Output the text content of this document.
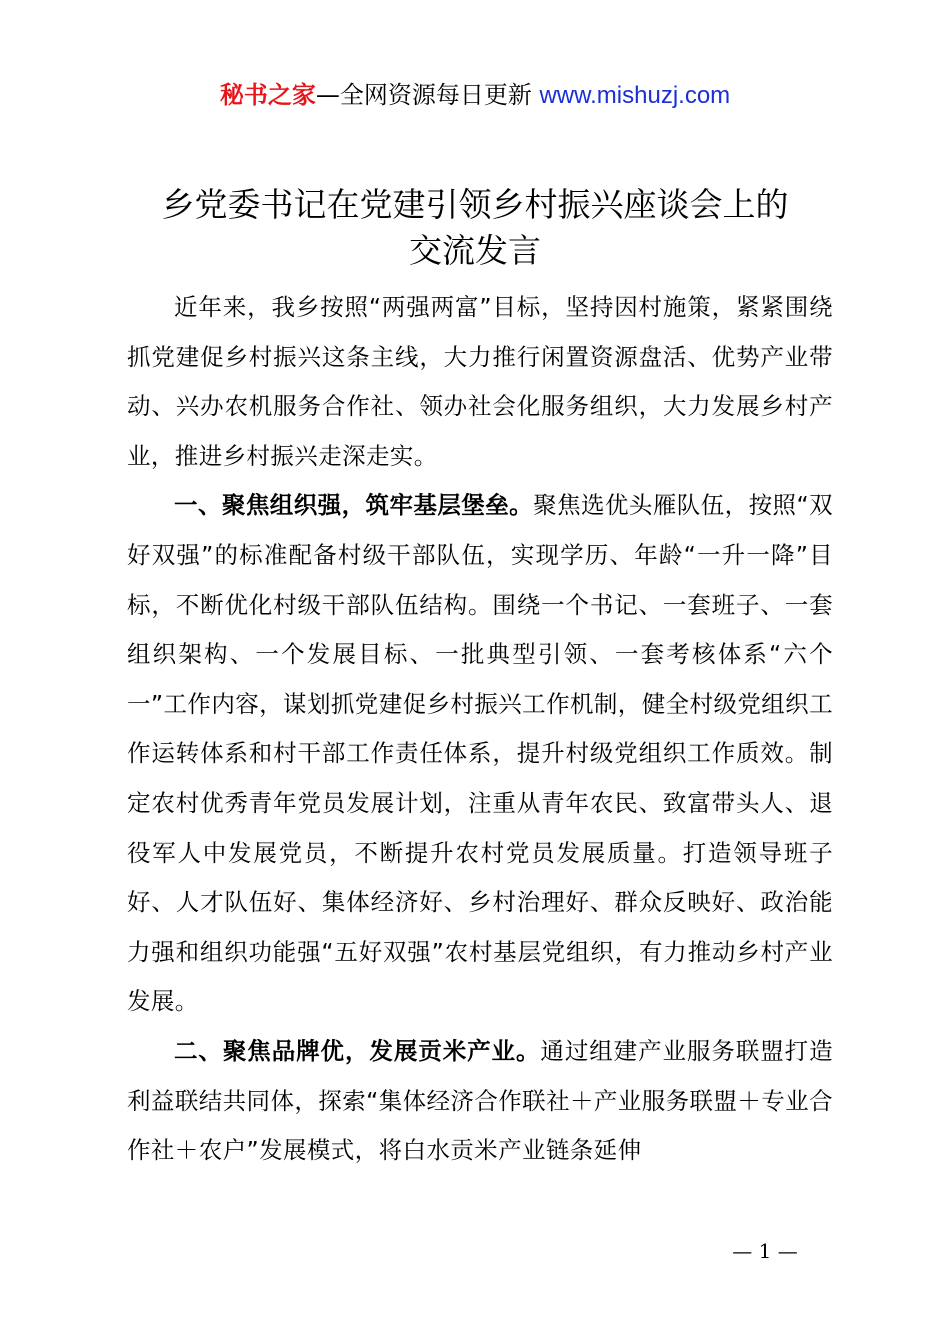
秘书之家—全网资源每日更新 www.mishuzj.com
乡党委书记在党建引领乡村振兴座谈会上的
交流发言

近年来，我乡按照“两强两富”目标，坚持因村施策，紧紧围绕抓党建促乡村振兴这条主线，大力推行闲置资源盘活、优势产业带动、兴办农机服务合作社、领办社会化服务组织，大力发展乡村产业，推进乡村振兴走深走实。

一、聚焦组织强，筑牢基层堡垒。聚焦选优头雁队伍，按照“双好双强”的标准配备村级干部队伍，实现学历、年龄“一升一降”目标，不断优化村级干部队伍结构。围绕一个书记、一套班子、一套组织架构、一个发展目标、一批典型引领、一套考核体系“六个一”工作内容，谋划抓党建促乡村振兴工作机制，健全村级党组织工作运转体系和村干部工作责任体系，提升村级党组织工作质效。制定农村优秀青年党员发展计划，注重从青年农民、致富带头人、退役军人中发展党员，不断提升农村党员发展质量。打造领导班子好、人才队伍好、集体经济好、乡村治理好、群众反映好、政治能力强和组织功能强“五好双强”农村基层党组织，有力推动乡村产业发展。

二、聚焦品牌优，发展贡米产业。通过组建产业服务联盟打造利益联结共同体，探索“集体经济合作联社＋产业服务联盟＋专业合作社＋农户”发展模式，将白水贡米产业链条延伸

— 1 —
